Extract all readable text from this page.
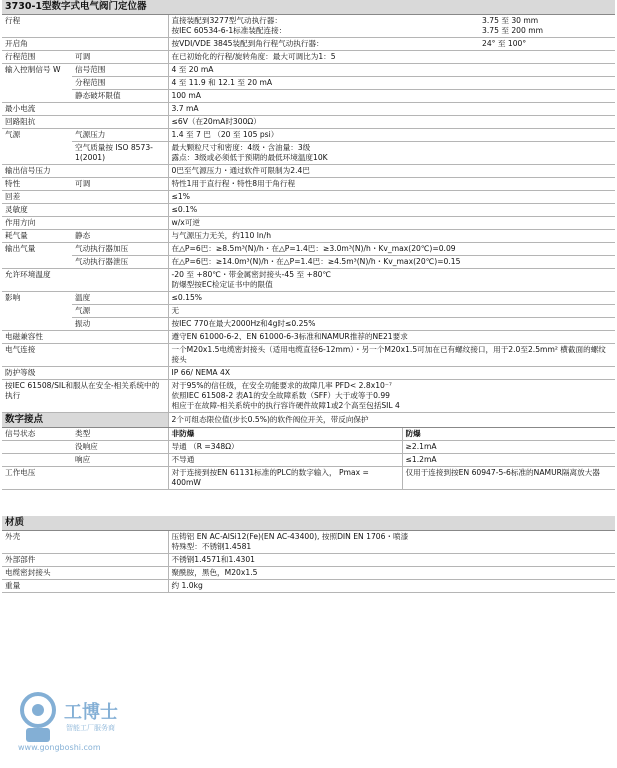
3730-1型数字式电气阀门定位器		
行程		直接装配到3277型气动执行器： 3.75 至 30 mm
按IEC 60534-6-1标准装配连接： 3.75 至 200 mm

开启角		按VDI/VDE 3845装配到角行程气动执行器： 24° 至 100°

行程范围	可调	在已初始化的行程/旋转角度：最大可调比为1：5
输入控制信号 W	信号范围	4 至 20 mA
	分程范围	4 至 11.9 和 12.1 至 20 mA
	静态破坏限值	100 mA
最小电流		3.7 mA
回路阻抗		≤6V（在20mA时300Ω）
气源	气源压力	1.4 至 7 巴 （20 至 105 psi）
	空气质量按 ISO 8573-1(2001)	最大颗粒尺寸和密度：4级・含油量：3级
露点：3级或必须低于预期的最低环境温度10K

输出信号压力		0巴至气源压力・通过软件可限制为2.4巴
特性	可调	特性1用于直行程・特性8用于角行程
回差		≤1%
灵敏度		≤0.1%
作用方向		w/x可逆
耗气量	静态	与气源压力无关，约110 ln/h
输出气量	气动执行器加压	在△P=6巴：≥8.5m³(N)/h・在△P=1.4巴：≥3.0m³(N)/h・Kv_max(20℃)=0.09
	气动执行器泄压	在△P=6巴：≥14.0m³(N)/h・在△P=1.4巴：≥4.5m³(N)/h・Kv_max(20℃)=0.15
允许环境温度		-20 至 +80℃・带金属密封接头-45 至 +80℃
防爆型按EC检定证书中的限值

影响	温度	≤0.15%
	气源	无
	振动	按IEC 770在最大2000Hz和4g时≤0.25%
电磁兼容性		遵守EN 61000-6-2、EN 61000-6-3标准和NAMUR推荐的NE21要求
电气连接		一个M20x1.5电缆密封接头（适用电缆直径6-12mm）・另一个M20x1.5可加在已有螺纹接口，用于2.0至2.5mm² 横截面的螺纹接头
防护等级		IP 66/ NEMA 4X
按IEC 61508/SIL和服从在安全-相关系统中的执行		对于95%的信任级，在安全功能要求的故障几率 PFD< 2.8x10⁻⁷
依照IEC 61508-2 表A1的安全故障系数（SFF）大于或等于0.99
相应于在故障-相关系统中的执行容许硬件故障1或2个高至包括SIL 4
数字接点		2个可组态限位值(步长0.5%)的软件阀位开关，带反向保护	
信号状态	类型	非防爆	防爆
	没响应	导通 （R =348Ω）	≥2.1mA
	响应	不导通	≤1.2mA
工作电压		对于连接到按EN 61131标准的PLC的数字输入， Pmax = 400mW	仅用于连接到按EN 60947-5-6标准的NAMUR隔离放大器

材质	
外壳	压铸铝 EN AC-AlSi12(Fe)(EN AC-43400), 按照DIN EN 1706・喷漆
特殊型：不锈钢1.4581

外部部件	不锈钢1.4571和1.4301
电缆密封接头	聚酰胺，黑色，M20x1.5
重量	约 1.0kg
工博士
智能工厂服务商
www.gongboshi.com
